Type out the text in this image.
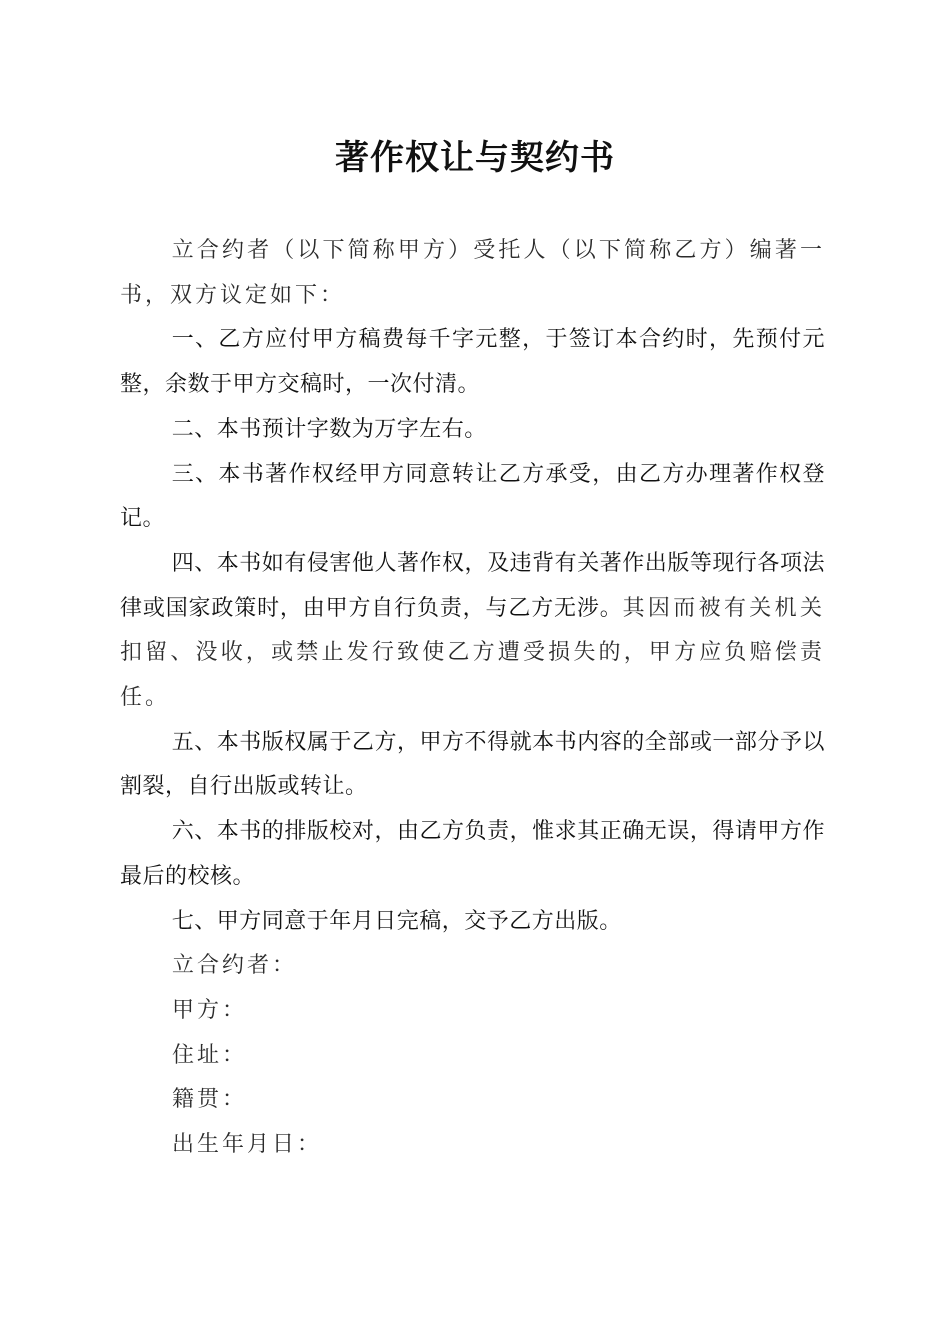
著作权让与契约书

立合约者（以下简称甲方）受托人（以下简称乙方）编著一书，双方议定如下：

一、乙方应付甲方稿费每千字元整，于签订本合约时，先预付元整，余数于甲方交稿时，一次付清。

二、本书预计字数为万字左右。

三、本书著作权经甲方同意转让乙方承受，由乙方办理著作权登记。

四、本书如有侵害他人著作权，及违背有关著作出版等现行各项法律或国家政策时，由甲方自行负责，与乙方无涉。其因而被有关机关扣留、没收，或禁止发行致使乙方遭受损失的，甲方应负赔偿责任。

五、本书版权属于乙方，甲方不得就本书内容的全部或一部分予以割裂，自行出版或转让。

六、本书的排版校对，由乙方负责，惟求其正确无误，得请甲方作最后的校核。

七、甲方同意于年月日完稿，交予乙方出版。

立合约者：

甲方：

住址：

籍贯：

出生年月日：
